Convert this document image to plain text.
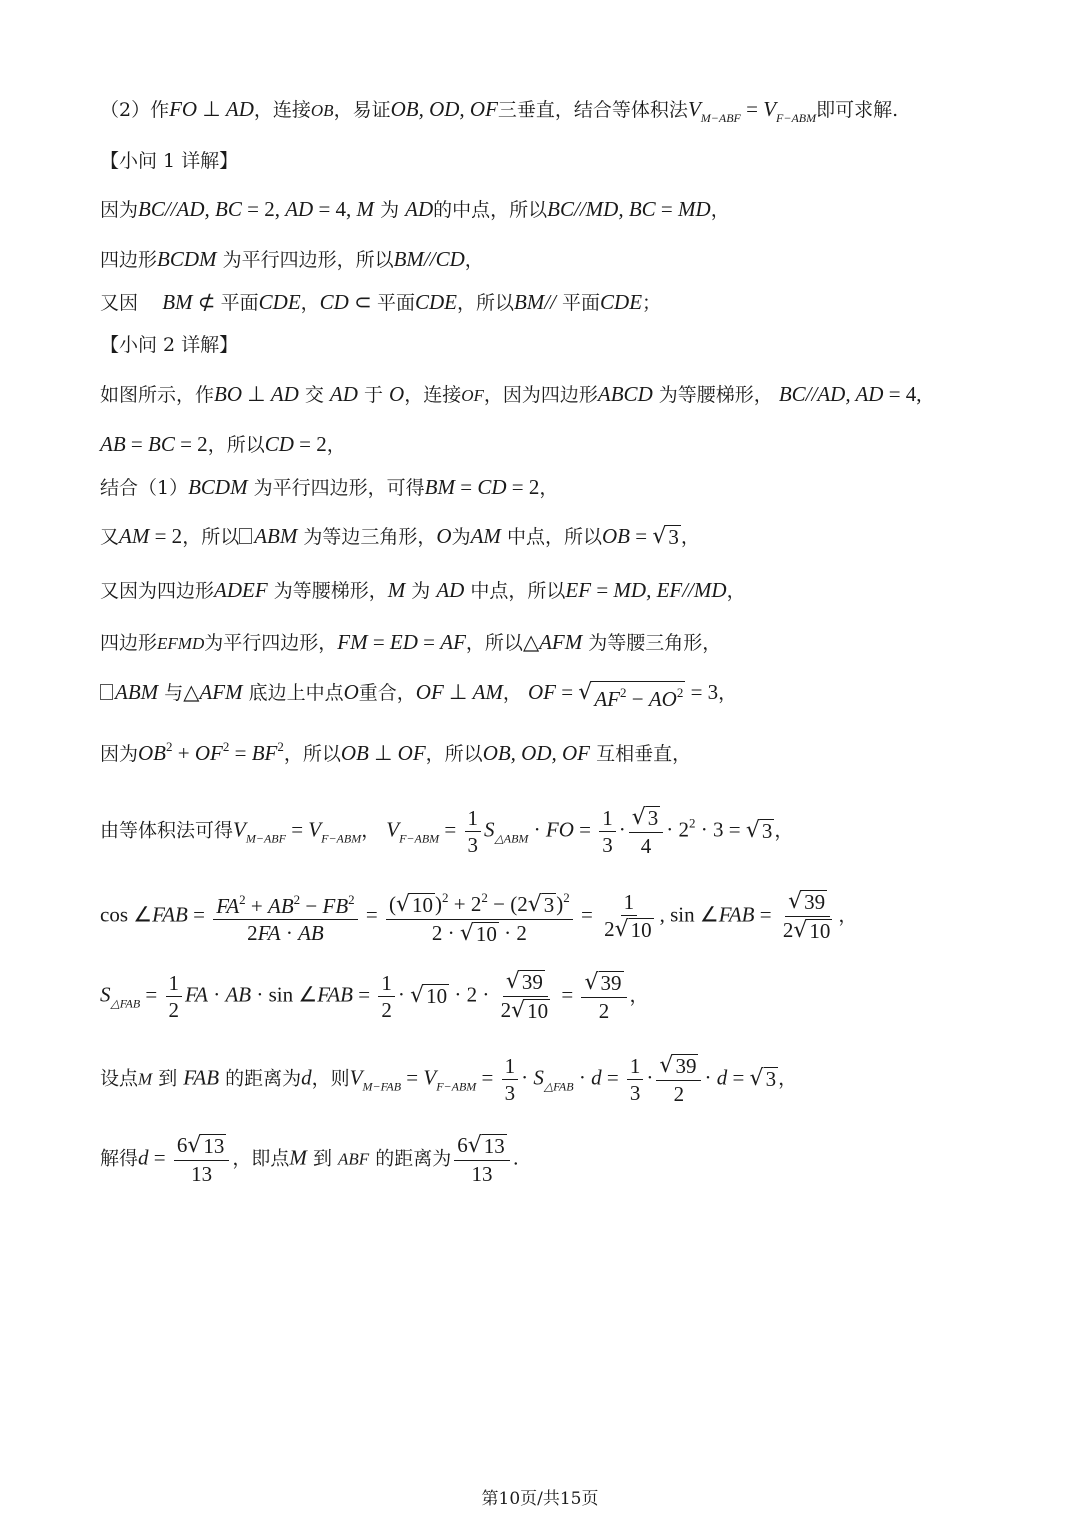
（2）作FO ⊥ AD，连接OB，易证OB, OD, OF三垂直，结合等体积法$V_{M-ABF} = V_{F-ABM}$即可求解.
【小问 1 详解】
因为BC//AD, BC = 2, AD = 4, M 为 AD的中点，所以BC//MD, BC = MD，
四边形BCDM 为平行四边形，所以BM//CD，
又因 BM ⊄ 平面CDE，CD ⊂ 平面CDE，所以BM// 平面CDE；
【小问 2 详解】
如图所示，作BO ⊥ AD 交 AD 于 O，连接OF，因为四边形ABCD 为等腰梯形， BC//AD, AD = 4,
AB = BC = 2，所以CD = 2，
结合（1）BCDM 为平行四边形，可得BM = CD = 2，
又AM = 2，所以 ABM 为等边三角形，O为AM 中点，所以OB = √ 3 ，
又因为四边形ADEF 为等腰梯形，M 为 AD 中点，所以EF = MD, EF//MD，
四边形EFMD为平行四边形，FM = ED = AF，所以△AFM 为等腰三角形，
ABM 与△AFM 底边上中点O重合，OF ⊥ AM， OF = √ $AF^2 - AO^2 = 3$，
因为$OB^2 + OF^2 = BF^2$，所以OB ⊥ OF，所以OB, OD, OF 互相垂直，
由等体积法可得$V_{M-ABF} = V_{F-ABM}$， $V_{F-ABM} = \frac{1}{3} S_{\triangle ABM}$ · FO = $\frac{1}{3} \cdot \frac{√ 3}{4} \cdot 2^2 \cdot 3$ = √ 3 ，
cos ∠FAB = $\frac{FA^2 + AB^2 - FB^2}{2FA \cdot AB} = \frac{( √ 10 )^2 + 2^2 - (2 √ 3 )^2}{2 \cdot √ 10 \cdot 2} = \frac{1}{2 √ 10}$ , sin ∠FAB = $\frac{√ 39}{2 √ 10}$ ，
$S_{\triangle FAB} = \frac{1}{2}$ FA · AB · sin ∠FAB = $\frac{1}{2}$ · √ $10 \cdot 2 \cdot \frac{√ 39}{2 √ 10} = \frac{√ 39}{2}$ ，
设点M 到 FAB 的距离为d，则$V_{M-FAB} = V_{F-ABM} = \frac{1}{3} \cdot S_{\triangle FAB} \cdot d = \frac{1}{3} \cdot \frac{√ 39}{2} \cdot d$ = √ 3 ，
解得$d = \frac{6 √ 13}{13}$ ，即点M 到 ABF 的距离为 $\frac{6 √ 13}{13}$ .
第10页/共15页
